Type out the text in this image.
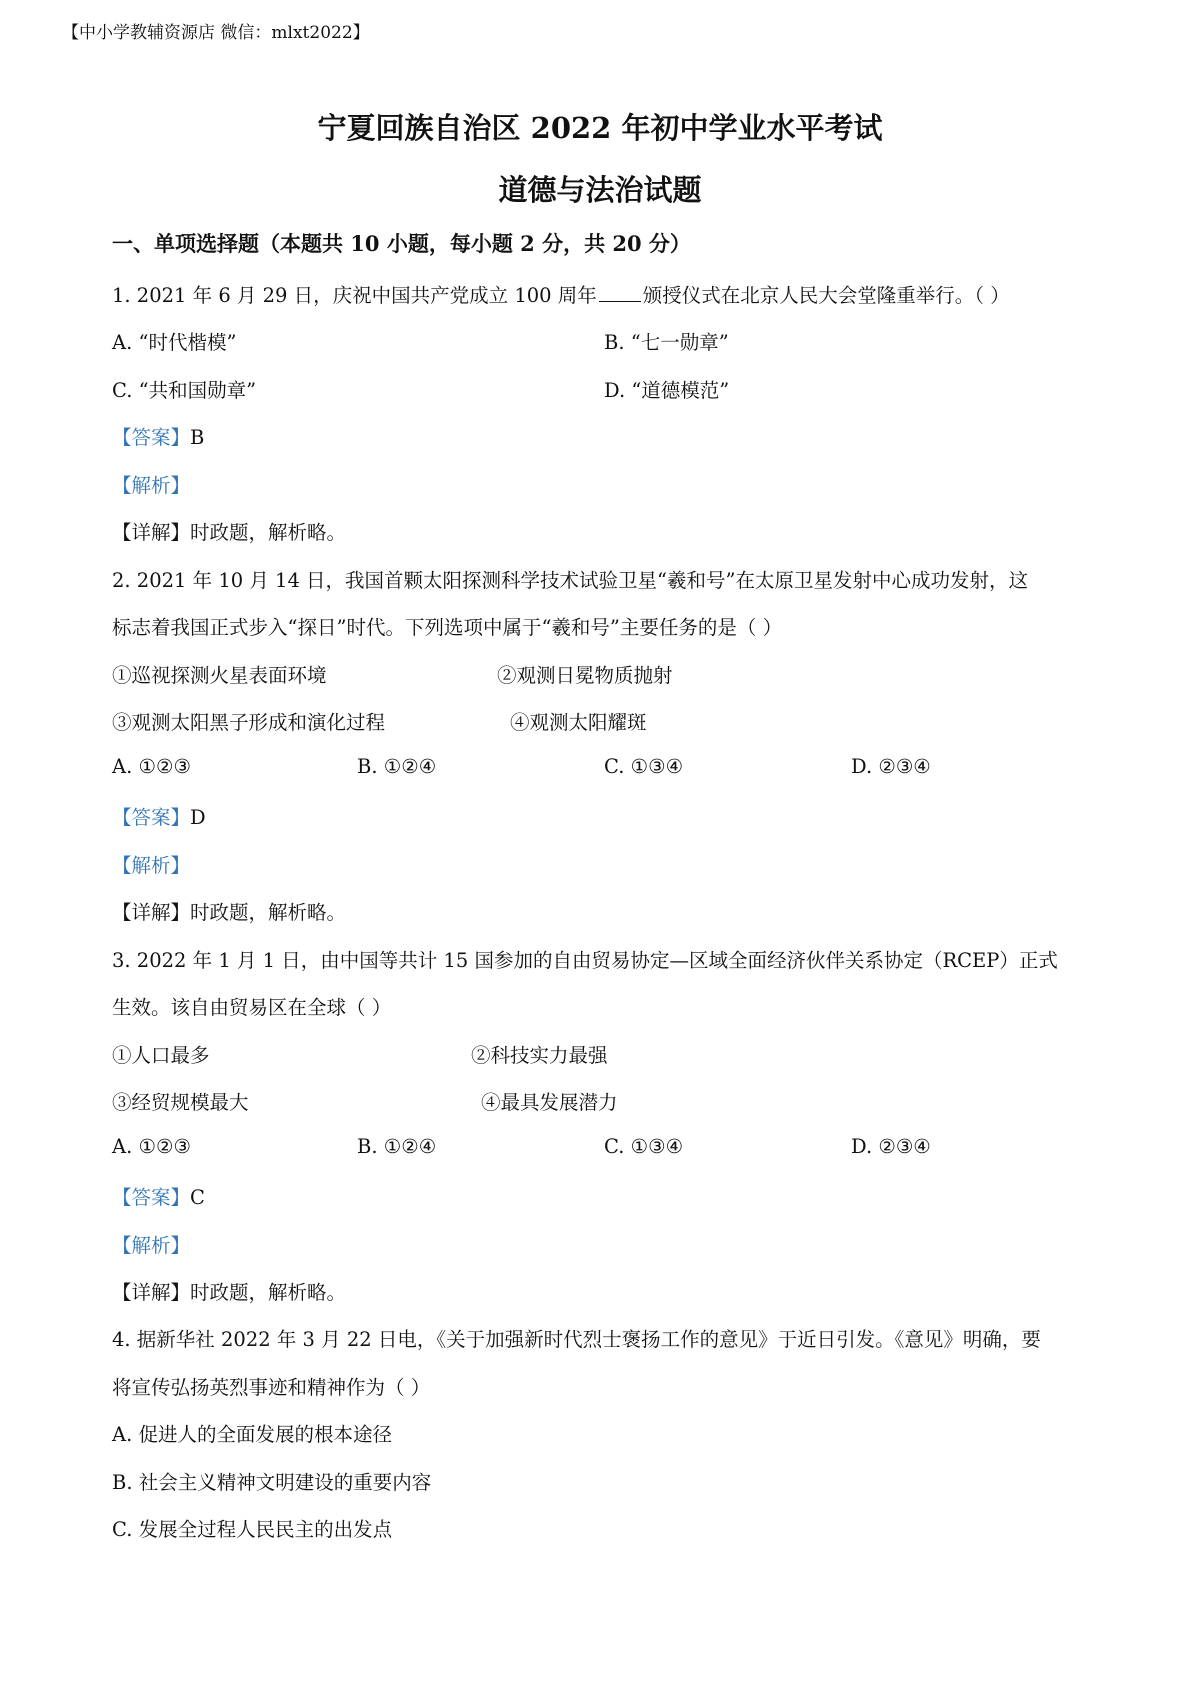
【中小学教辅资源店 微信：mlxt2022】
宁夏回族自治区 2022 年初中学业水平考试
道德与法治试题
一、单项选择题（本题共 10 小题，每小题 2 分，共 20 分）
1. 2021 年 6 月 29 日，庆祝中国共产党成立 100 周年 颁授仪式在北京人民大会堂隆重举行。（ ）
A. “时代楷模”	B. “七一勋章”
C. “共和国勋章”	D. “道德模范”
【答案】B
【解析】
【详解】时政题，解析略。
2. 2021 年 10 月 14 日，我国首颗太阳探测科学技术试验卫星“羲和号”在太原卫星发射中心成功发射，这
标志着我国正式步入“探日”时代。下列选项中属于“羲和号”主要任务的是（ ）
①巡视探测火星表面环境	②观测日冕物质抛射
③观测太阳黑子形成和演化过程	④观测太阳耀斑
A. ①②③	B. ①②④	C. ①③④	D. ②③④
【答案】D
【解析】
【详解】时政题，解析略。
3. 2022 年 1 月 1 日，由中国等共计 15 国参加的自由贸易协定—区域全面经济伙伴关系协定（RCEP）正式
生效。该自由贸易区在全球（ ）
①人口最多	②科技实力最强
③经贸规模最大	④最具发展潜力
A. ①②③	B. ①②④	C. ①③④	D. ②③④
【答案】C
【解析】
【详解】时政题，解析略。
4. 据新华社 2022 年 3 月 22 日电，《关于加强新时代烈士褒扬工作的意见》于近日引发。《意见》明确，要
将宣传弘扬英烈事迹和精神作为（ ）
A. 促进人的全面发展的根本途径
B. 社会主义精神文明建设的重要内容
C. 发展全过程人民民主的出发点
